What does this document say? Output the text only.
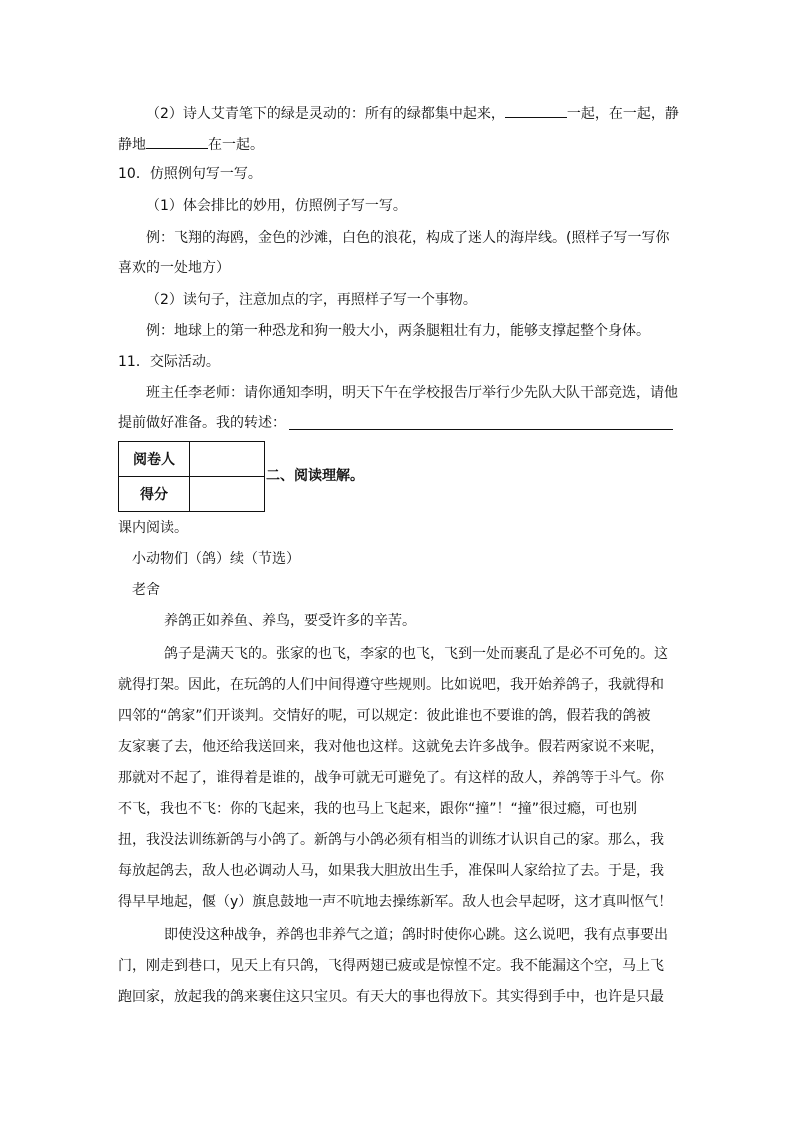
（2）诗人艾青笔下的绿是灵动的：所有的绿都集中起来，	一起，在一起，静
静地	在一起。
10．仿照例句写一写。
（1）体会排比的妙用，仿照例子写一写。
例：飞翔的海鸥，金色的沙滩，白色的浪花，构成了迷人的海岸线。(照样子写一写你
喜欢的一处地方）
（2）读句子，注意加点的字，再照样子写一个事物。
例：地球上的第一种恐龙和狗一般大小，两条腿粗壮有力，能够支撑起整个身体。
11．交际活动。
班主任李老师：请你通知李明，明天下午在学校报告厅举行少先队大队干部竞选，请他
提前做好准备。我的转述：
阅卷人	
得分	
二、阅读理解。
课内阅读。
小动物们（鸽）续（节选）
老舍
养鸽正如养鱼、养鸟，要受许多的辛苦。
鸽子是满天飞的。张家的也飞，李家的也飞，飞到一处而裹乱了是必不可免的。这
就得打架。因此，在玩鸽的人们中间得遵守些规则。比如说吧，我开始养鸽子，我就得和
四邻的“鸽家”们开谈判。交情好的呢，可以规定：彼此谁也不要谁的鸽，假若我的鸽被
友家裹了去，他还给我送回来，我对他也这样。这就免去许多战争。假若两家说不来呢，
那就对不起了，谁得着是谁的，战争可就无可避免了。有这样的敌人，养鸽等于斗气。你
不飞，我也不飞：你的飞起来，我的也马上飞起来，跟你“撞”！“撞”很过瘾，可也别
扭，我没法训练新鸽与小鸽了。新鸽与小鸽必须有相当的训练才认识自己的家。那么，我
每放起鸽去，敌人也必调动人马，如果我大胆放出生手，准保叫人家给拉了去。于是，我
得早早地起，偃（y）旗息鼓地一声不吭地去操练新军。敌人也会早起呀，这才真叫怄气！
即使没这种战争，养鸽也非养气之道；鸽时时使你心跳。这么说吧，我有点事要出
门，刚走到巷口，见天上有只鸽，飞得两翅已疲或是惊惶不定。我不能漏这个空，马上飞
跑回家，放起我的鸽来裹住这只宝贝。有天大的事也得放下。其实得到手中，也许是只最
